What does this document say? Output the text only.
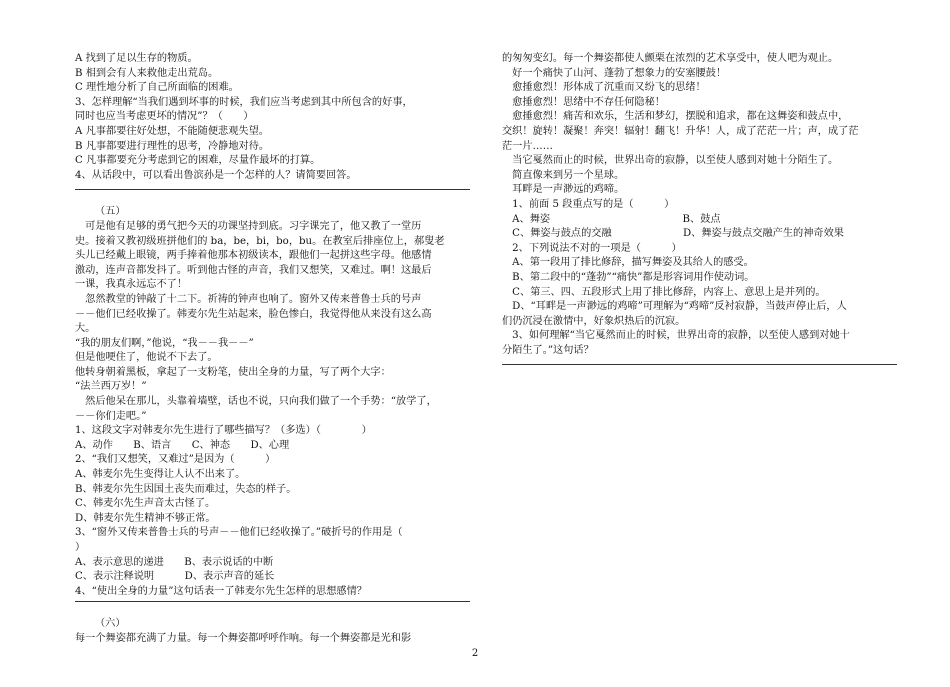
A 找到了足以生存的物质。
B 相到会有人来救他走出荒岛。
C 理性地分析了自己所面临的困难。
3、怎样理解“当我们遇到坏事的时候，我们应当考虑到其中所包含的好事，
同时也应当考虑更坏的情况”？（　　）
A 凡事都要往好处想，不能随便悲观失望。
B 凡事都要进行理性的思考，冷静地对待。
C 凡事都要充分考虑到它的困难，尽量作最坏的打算。
4、从话段中，可以看出鲁滨孙是一个怎样的人？请简要回答。
（五）
　可是他有足够的勇气把今天的功课坚持到底。习字课完了，他又教了一堂历
史。接着又教初级班拼他们的 ba，be，bi，bo，bu。在教室后排座位上，郝叟老
头儿已经戴上眼镜，两手捧着他那本初级读本，跟他们一起拼这些字母。他感情
激动，连声音都发抖了。听到他古怪的声音，我们又想笑，又难过。啊！这最后
一课，我真永远忘不了！
　忽然教堂的钟敲了十二下。祈祷的钟声也响了。窗外又传来普鲁士兵的号声
－－他们已经收操了。韩麦尔先生站起来，脸色惨白，我觉得他从来没有这么高
大。
“我的朋友们啊，”他说，“我－－我－－”
但是他哽住了，他说不下去了。
他转身朝着黑板，拿起了一支粉笔，使出全身的力量，写了两个大字：
“法兰西万岁！”
　然后他呆在那儿，头靠着墙壁，话也不说，只向我们做了一个手势：“放学了，
－－你们走吧。”
1、这段文字对韩麦尔先生进行了哪些描写？（多选）（　　　　）
A、动作　　B、语言　　C、神态　　D、心理
2、“我们又想笑，又难过”是因为（　　　）
A、韩麦尔先生变得让人认不出来了。
B、韩麦尔先生因国土丧失而难过，失态的样子。
C、韩麦尔先生声音太古怪了。
D、韩麦尔先生精神不够正常。
3、“窗外又传来普鲁士兵的号声－－他们已经收操了。”破折号的作用是（
）
A、表示意思的递进　　B、表示说话的中断
C、表示注释说明　　　D、表示声音的延长
4、“使出全身的力量”这句话表一了韩麦尔先生怎样的思想感情？
（六）
每一个舞姿都充满了力量。每一个舞姿都呼呼作响。每一个舞姿都是光和影
的匆匆变幻。每一个舞姿都使人颤栗在浓烈的艺术享受中，使人吧为观止。
　好一个痛快了山河、蓬勃了想象力的安塞腰鼓！
　愈捶愈烈！形体成了沉重而又纷飞的思绪！
　愈捶愈烈！思绪中不存任何隐秘！
　愈捶愈烈！痛苦和欢乐，生活和梦幻，摆脱和追求，都在这舞姿和鼓点中，
交织！旋转！凝聚！奔突！辐射！翻飞！升华！人，成了茫茫一片；声，成了茫
茫一片……
　当它戛然而止的时候，世界出奇的寂静，以至使人感到对她十分陌生了。
　简直像来到另一个星球。
　耳畔是一声渺远的鸡啼。
　1、前面 5 段重点写的是（　　　）
　A、舞姿　　　　　　　　　　　　　B、鼓点
　C、舞姿与鼓点的交融　　　　　　　D、舞姿与鼓点交融产生的神奇效果
　2、下列说法不对的一项是（　　　）
　A、第一段用了排比修辞，描写舞姿及其给人的感受。
　B、第二段中的“蓬勃”“痛快”都是形容词用作使动词。
　C、第三、四、五段形式上用了排比修辞，内容上、意思上是并列的。
　D、“耳畔是一声渺远的鸡啼”可理解为“鸡啼”反衬寂静，当鼓声停止后，人
们仍沉浸在激情中，好象炽热后的沉寂。
　3、如何理解“当它戛然而止的时候，世界出奇的寂静，以至使人感到对她十
分陌生了。”这句话？
2
